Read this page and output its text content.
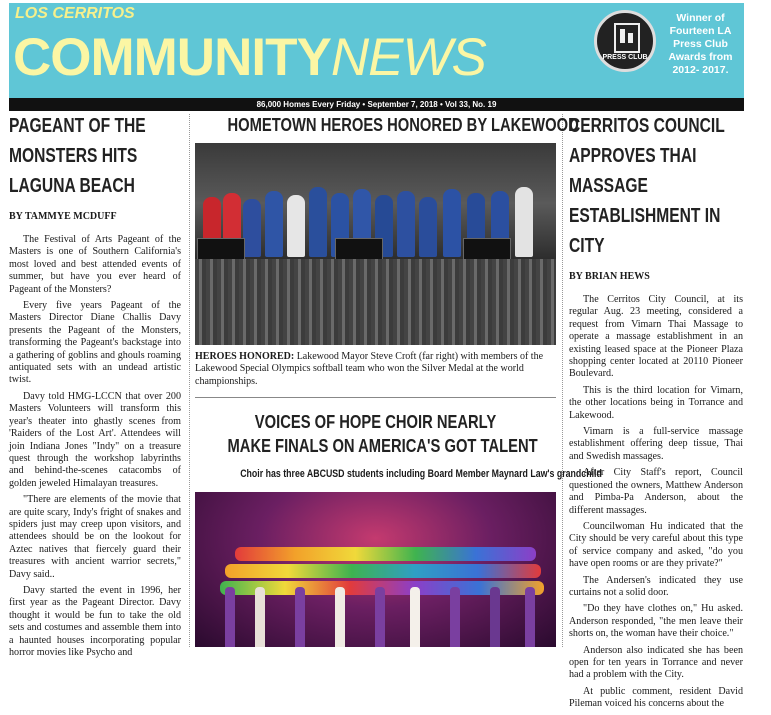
LOS CERRITOS
COMMUNITYNEWS	PRESS CLUB
Winner of Fourteen LA Press Club Awards from 2012- 2017.
86,000 Homes Every Friday • September 7, 2018 • Vol 33, No. 19
PAGEANT OF THE MONSTERS HITS LAGUNA BEACH
BY TAMMYE MCDUFF

The Festival of Arts Pageant of the Masters is one of Southern California's most loved and best attended events of summer, but have you ever heard of Pageant of the Monsters?

Every five years Pageant of the Masters Director Diane Challis Davy presents the Pageant of the Monsters, transforming the Pageant's backstage into a gathering of goblins and ghouls roaming antiquated sets with an undead artistic twist.

Davy told HMG-LCCN that over 200 Masters Volunteers will transform this year's theater into ghastly scenes from 'Raiders of the Lost Art'. Attendees will join Indiana Jones "Indy" on a treasure quest through the workshop labyrinths and behind-the-scenes catacombs of golden jeweled Himalayan treasures.

"There are elements of the movie that are quite scary, Indy's fright of snakes and spiders just may creep upon visitors, and attendees should be on the lookout for Aztec natives that fiercely guard their treasures with ancient warrior secrets," Davy said..

Davy started the event in 1996, her first year as the Pageant Director. Davy thought it would be fun to take the old sets and costumes and assemble them into a haunted houses incorporating popular horror movies like Psycho and

HOMETOWN HEROES HONORED BY LAKEWOOD
HEROES HONORED: Lakewood Mayor Steve Croft (far right) with members of the Lakewood Special Olympics softball team who won the Silver Medal at the world championships.
VOICES OF HOPE CHOIR NEARLY
MAKE FINALS ON AMERICA'S GOT TALENT
Choir has three ABCUSD students including Board Member Maynard Law's grandchild
CERRITOS COUNCIL APPROVES THAI MASSAGE ESTABLISHMENT IN CITY
BY BRIAN HEWS

The Cerritos City Council, at its regular Aug. 23 meeting, considered a request from Vimarn Thai Massage to operate a massage establishment in an existing leased space at the Pioneer Plaza shopping center located at 20110 Pioneer Boulevard.

This is the third location for Vimarn, the other locations being in Torrance and Lakewood.

Vimarn is a full-service massage establishment offering deep tissue, Thai and Swedish massages.

After City Staff's report, Council questioned the owners, Matthew Anderson and Pimba-Pa Anderson, about the different massages.

Councilwoman Hu indicated that the City should be very careful about this type of service company and asked, "do you have open rooms or are they private?"

The Andersen's indicated they use curtains not a solid door.

"Do they have clothes on," Hu asked. Anderson responded, "the men leave their shorts on, the woman have their choice."

Anderson also indicated she has been open for ten years in Torrance and never had a problem with the City.

At public comment, resident David Pileman voiced his concerns about the
